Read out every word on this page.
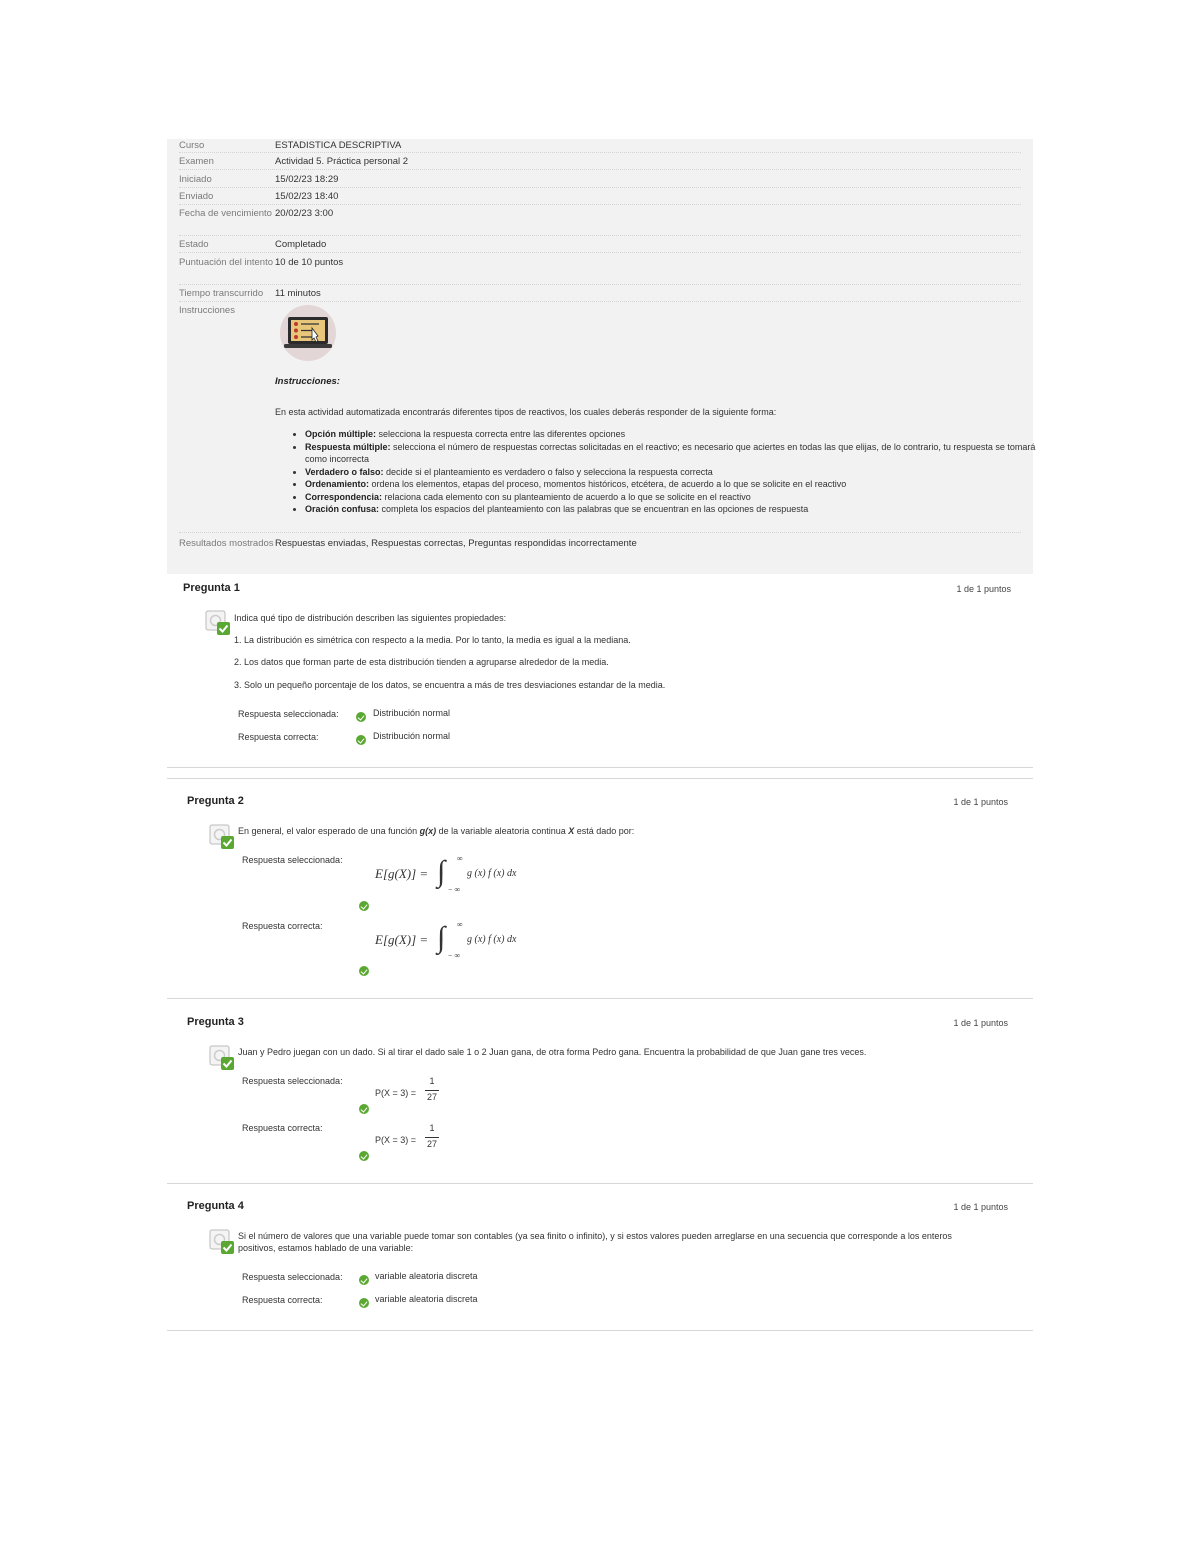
Curso	ESTADISTICA DESCRIPTIVA
Examen	Actividad 5. Práctica personal 2
Iniciado	15/02/23 18:29
Enviado	15/02/23 18:40
Fecha de vencimiento 20/02/23 3:00
Estado	Completado
Puntuación del intento 10 de 10 puntos
Tiempo transcurrido	11 minutos
Instrucciones
Instrucciones:
En esta actividad automatizada encontrarás diferentes tipos de reactivos, los cuales deberás responder de la siguiente forma:
• Opción múltiple: selecciona la respuesta correcta entre las diferentes opciones
• Respuesta múltiple: selecciona el número de respuestas correctas solicitadas en el reactivo; es necesario que aciertes en todas las que elijas, de lo contrario, tu respuesta se tomará como incorrecta
• Verdadero o falso: decide si el planteamiento es verdadero o falso y selecciona la respuesta correcta
• Ordenamiento: ordena los elementos, etapas del proceso, momentos históricos, etcétera, de acuerdo a lo que se solicite en el reactivo
• Correspondencia: relaciona cada elemento con su planteamiento de acuerdo a lo que se solicite en el reactivo
• Oración confusa: completa los espacios del planteamiento con las palabras que se encuentran en las opciones de respuesta
Resultados mostrados Respuestas enviadas, Respuestas correctas, Preguntas respondidas incorrectamente
Pregunta 1	1 de 1 puntos
Indica qué tipo de distribución describen las siguientes propiedades:
1. La distribución es simétrica con respecto a la media. Por lo tanto, la media es igual a la mediana.
2. Los datos que forman parte de esta distribución tienden a agruparse alrededor de la media.
3. Solo un pequeño porcentaje de los datos, se encuentra a más de tres desviaciones estandar de la media.
Respuesta seleccionada:	Distribución normal
Respuesta correcta:	Distribución normal
Pregunta 2	1 de 1 puntos
En general, el valor esperado de una función g(x) de la variable aleatoria continua X está dado por:
Respuesta seleccionada:
E[g(X)] = ∫ ∞
− ∞
g (x) f (x) dx
Respuesta correcta:
E[g(X)] = ∫ ∞
− ∞
g (x) f (x) dx
Pregunta 3	1 de 1 puntos
Juan y Pedro juegan con un dado. Si al tirar el dado sale 1 o 2 Juan gana, de otra forma Pedro gana. Encuentra la probabilidad de que Juan gane tres veces.
Respuesta seleccionada:
P(X = 3) =
1
27
Respuesta correcta:
P(X = 3) =
1
27
Pregunta 4	1 de 1 puntos
Si el número de valores que una variable puede tomar son contables (ya sea finito o infinito), y si estos valores pueden arreglarse en una secuencia que corresponde a los enteros positivos, estamos hablado de una variable:
Respuesta seleccionada:	variable aleatoria discreta
Respuesta correcta:	variable aleatoria discreta
